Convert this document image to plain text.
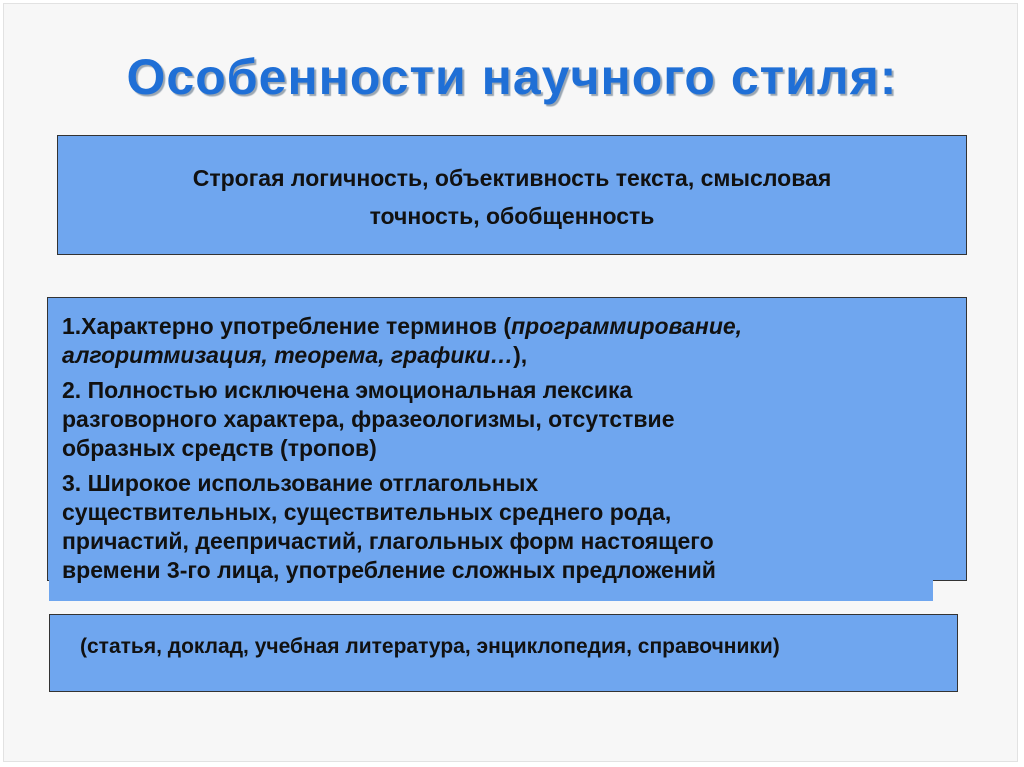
Особенности научного стиля:
Строгая логичность, объективность текста, смысловая
точность, обобщенность
1.Характерно употребление терминов (программирование,
алгоритмизация, теорема, графики…),
2. Полностью исключена эмоциональная лексика
разговорного характера, фразеологизмы, отсутствие
образных средств (тропов)
3. Широкое использование отглагольных
существительных, существительных среднего рода,
причастий, деепричастий, глагольных форм настоящего
времени 3-го лица, употребление сложных предложений
(статья, доклад, учебная литература, энциклопедия, справочники)
